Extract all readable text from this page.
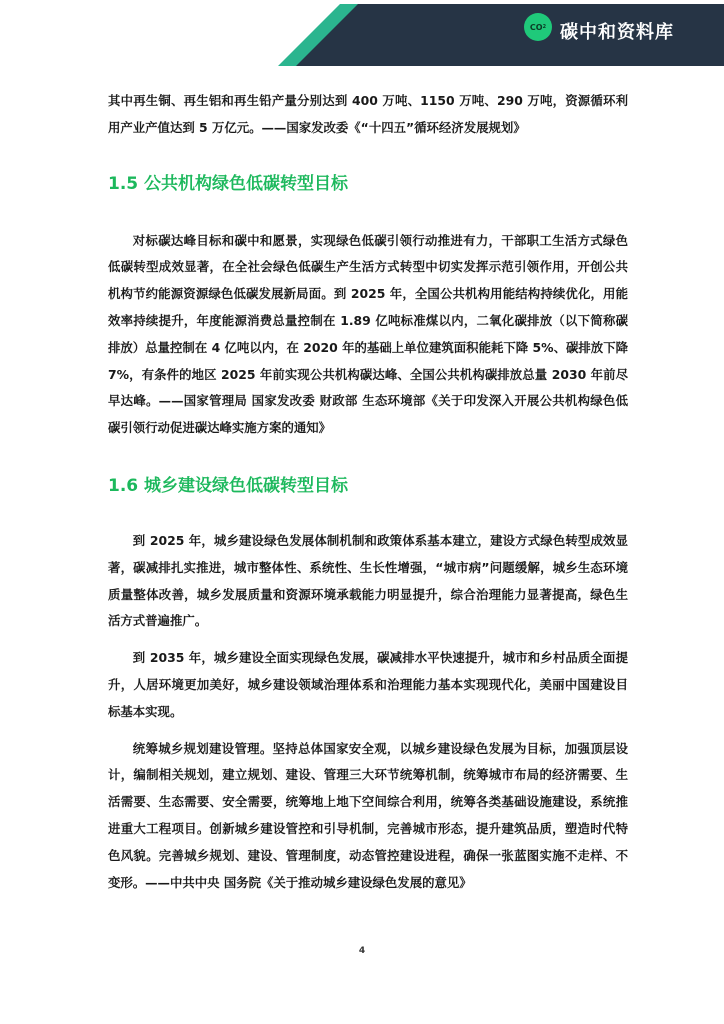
CO 2 碳中和资料库

其中再生铜、再生铝和再生铅产量分别达到 400 万吨、1150 万吨、290 万吨，资源循环利用产业产值达到 5 万亿元。——国家发改委《“十四五”循环经济发展规划》

1.5 公共机构绿色低碳转型目标

对标碳达峰目标和碳中和愿景，实现绿色低碳引领行动推进有力，干部职工生活方式绿色低碳转型成效显著，在全社会绿色低碳生产生活方式转型中切实发挥示范引领作用，开创公共机构节约能源资源绿色低碳发展新局面。到 2025 年，全国公共机构用能结构持续优化，用能效率持续提升，年度能源消费总量控制在 1.89 亿吨标准煤以内，二氧化碳排放（以下简称碳排放）总量控制在 4 亿吨以内，在 2020 年的基础上单位建筑面积能耗下降 5%、碳排放下降 7%，有条件的地区 2025 年前实现公共机构碳达峰、全国公共机构碳排放总量 2030 年前尽早达峰。——国家管理局 国家发改委 财政部 生态环境部《关于印发深入开展公共机构绿色低碳引领行动促进碳达峰实施方案的通知》

1.6 城乡建设绿色低碳转型目标

到 2025 年，城乡建设绿色发展体制机制和政策体系基本建立，建设方式绿色转型成效显著，碳减排扎实推进，城市整体性、系统性、生长性增强，“城市病”问题缓解，城乡生态环境质量整体改善，城乡发展质量和资源环境承载能力明显提升，综合治理能力显著提高，绿色生活方式普遍推广。

到 2035 年，城乡建设全面实现绿色发展，碳减排水平快速提升，城市和乡村品质全面提升，人居环境更加美好，城乡建设领域治理体系和治理能力基本实现现代化，美丽中国建设目标基本实现。

统筹城乡规划建设管理。坚持总体国家安全观，以城乡建设绿色发展为目标，加强顶层设计，编制相关规划，建立规划、建设、管理三大环节统筹机制，统筹城市布局的经济需要、生活需要、生态需要、安全需要，统筹地上地下空间综合利用，统筹各类基础设施建设，系统推进重大工程项目。创新城乡建设管控和引导机制，完善城市形态，提升建筑品质，塑造时代特色风貌。完善城乡规划、建设、管理制度，动态管控建设进程，确保一张蓝图实施不走样、不变形。——中共中央 国务院《关于推动城乡建设绿色发展的意见》

4
